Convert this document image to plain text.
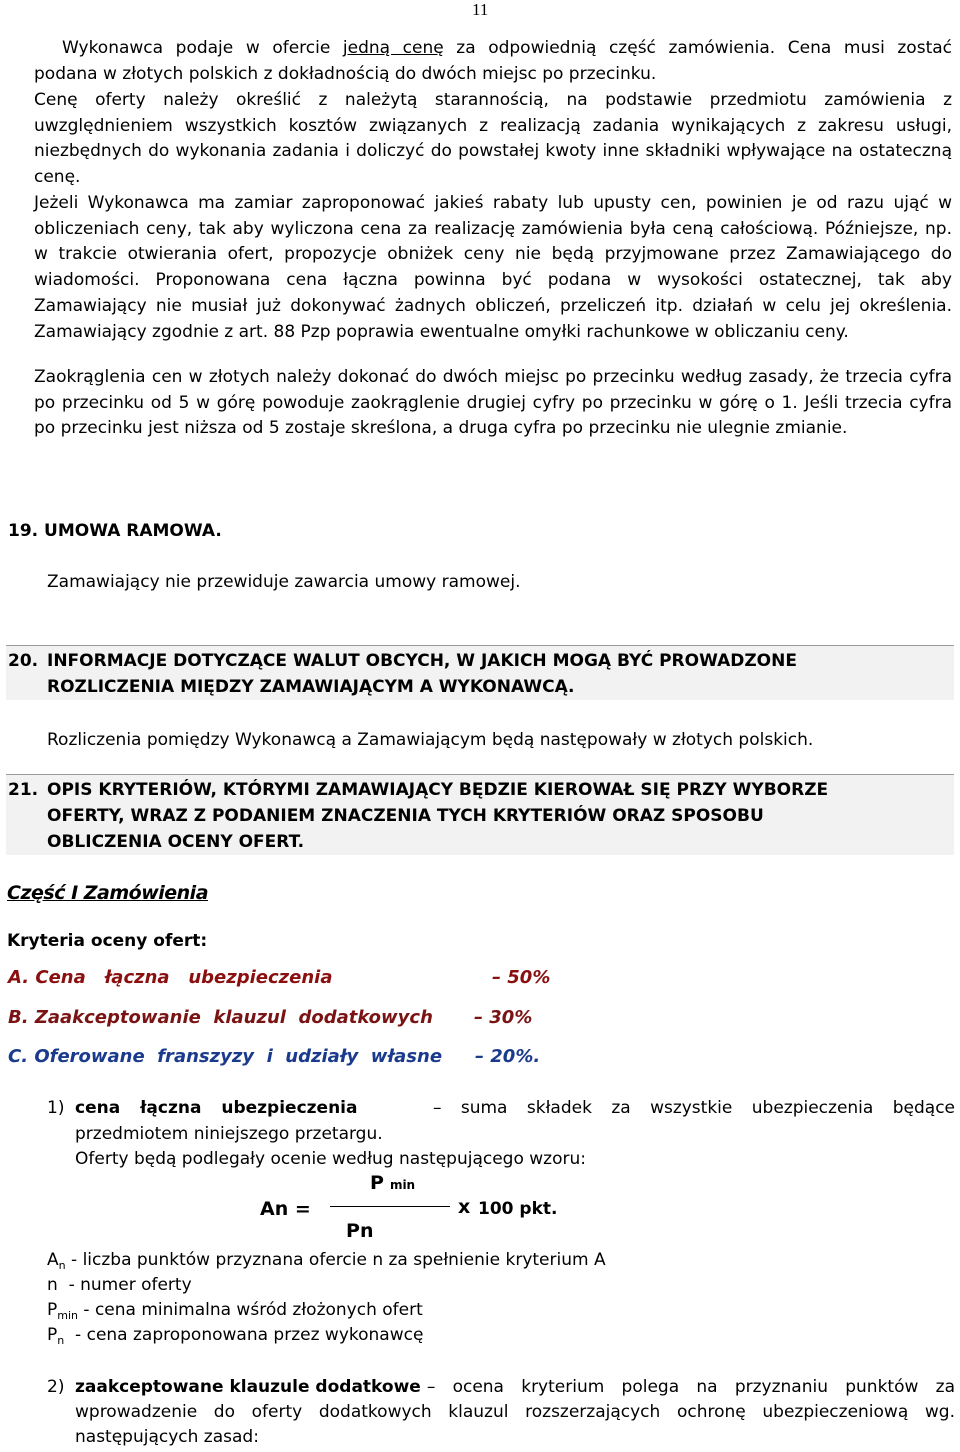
11
Wykonawca podaje w ofercie jedną cenę za odpowiednią część zamówienia. Cena musi zostać
podana w złotych polskich z dokładnością do dwóch miejsc po przecinku.
Cenę oferty należy określić z należytą starannością, na podstawie przedmiotu zamówienia z uwzględnieniem wszystkich kosztów związanych z realizacją zadania wynikających z zakresu usługi, niezbędnych do wykonania zadania i doliczyć do powstałej kwoty inne składniki wpływające na ostateczną cenę.
Jeżeli Wykonawca ma zamiar zaproponować jakieś rabaty lub upusty cen, powinien je od razu ująć w obliczeniach ceny, tak aby wyliczona cena za realizację zamówienia była ceną całościową. Późniejsze, np. w trakcie otwierania ofert, propozycje obniżek ceny nie będą przyjmowane przez Zamawiającego do wiadomości. Proponowana cena łączna powinna być podana w wysokości ostatecznej, tak aby Zamawiający nie musiał już dokonywać żadnych obliczeń, przeliczeń itp. działań w celu jej określenia. Zamawiający zgodnie z art. 88 Pzp poprawia ewentualne omyłki rachunkowe w obliczaniu ceny.
Zaokrąglenia cen w złotych należy dokonać do dwóch miejsc po przecinku według zasady, że trzecia cyfra po przecinku od 5 w górę powoduje zaokrąglenie drugiej cyfry po przecinku w górę o 1. Jeśli trzecia cyfra po przecinku jest niższa od 5 zostaje skreślona, a druga cyfra po przecinku nie ulegnie zmianie.
19. UMOWA RAMOWA.
Zamawiający nie przewiduje zawarcia umowy ramowej.
20. INFORMACJE DOTYCZĄCE WALUT OBCYCH, W JAKICH MOGĄ BYĆ PROWADZONE
ROZLICZENIA MIĘDZY ZAMAWIAJĄCYM A WYKONAWCĄ.
Rozliczenia pomiędzy Wykonawcą a Zamawiającym będą następowały w złotych polskich.
21. OPIS KRYTERIÓW, KTÓRYMI ZAMAWIAJĄCY BĘDZIE KIEROWAŁ SIĘ PRZY WYBORZE
OFERTY, WRAZ Z PODANIEM ZNACZENIA TYCH KRYTERIÓW ORAZ SPOSOBU
OBLICZENIA OCENY OFERT.
Część I Zamówienia
Kryteria oceny ofert:
A. Cena   łączna   ubezpieczenia	– 50%
B. Zaakceptowanie  klauzul  dodatkowych – 30%
C. Oferowane  franszyzy  i  udziały  własne – 20%.
1) cena łączna ubezpieczenia	– suma składek za wszystkie ubezpieczenia będące
przedmiotem niniejszego przetargu.
Oferty będą podlegały ocenie według następującego wzoru:
Pmin
An =	x 100 pkt.
Pn
$A_n$ - liczba punktów przyznana ofercie n za spełnienie kryterium A
n  - numer oferty
$P_{min}$ - cena minimalna wśród złożonych ofert
$P_n$  - cena zaproponowana przez wykonawcę
2) zaakceptowane klauzule dodatkowe – ocena kryterium polega na przyznaniu punktów za
wprowadzenie do oferty dodatkowych klauzul rozszerzających ochronę ubezpieczeniową wg.
następujących zasad:
